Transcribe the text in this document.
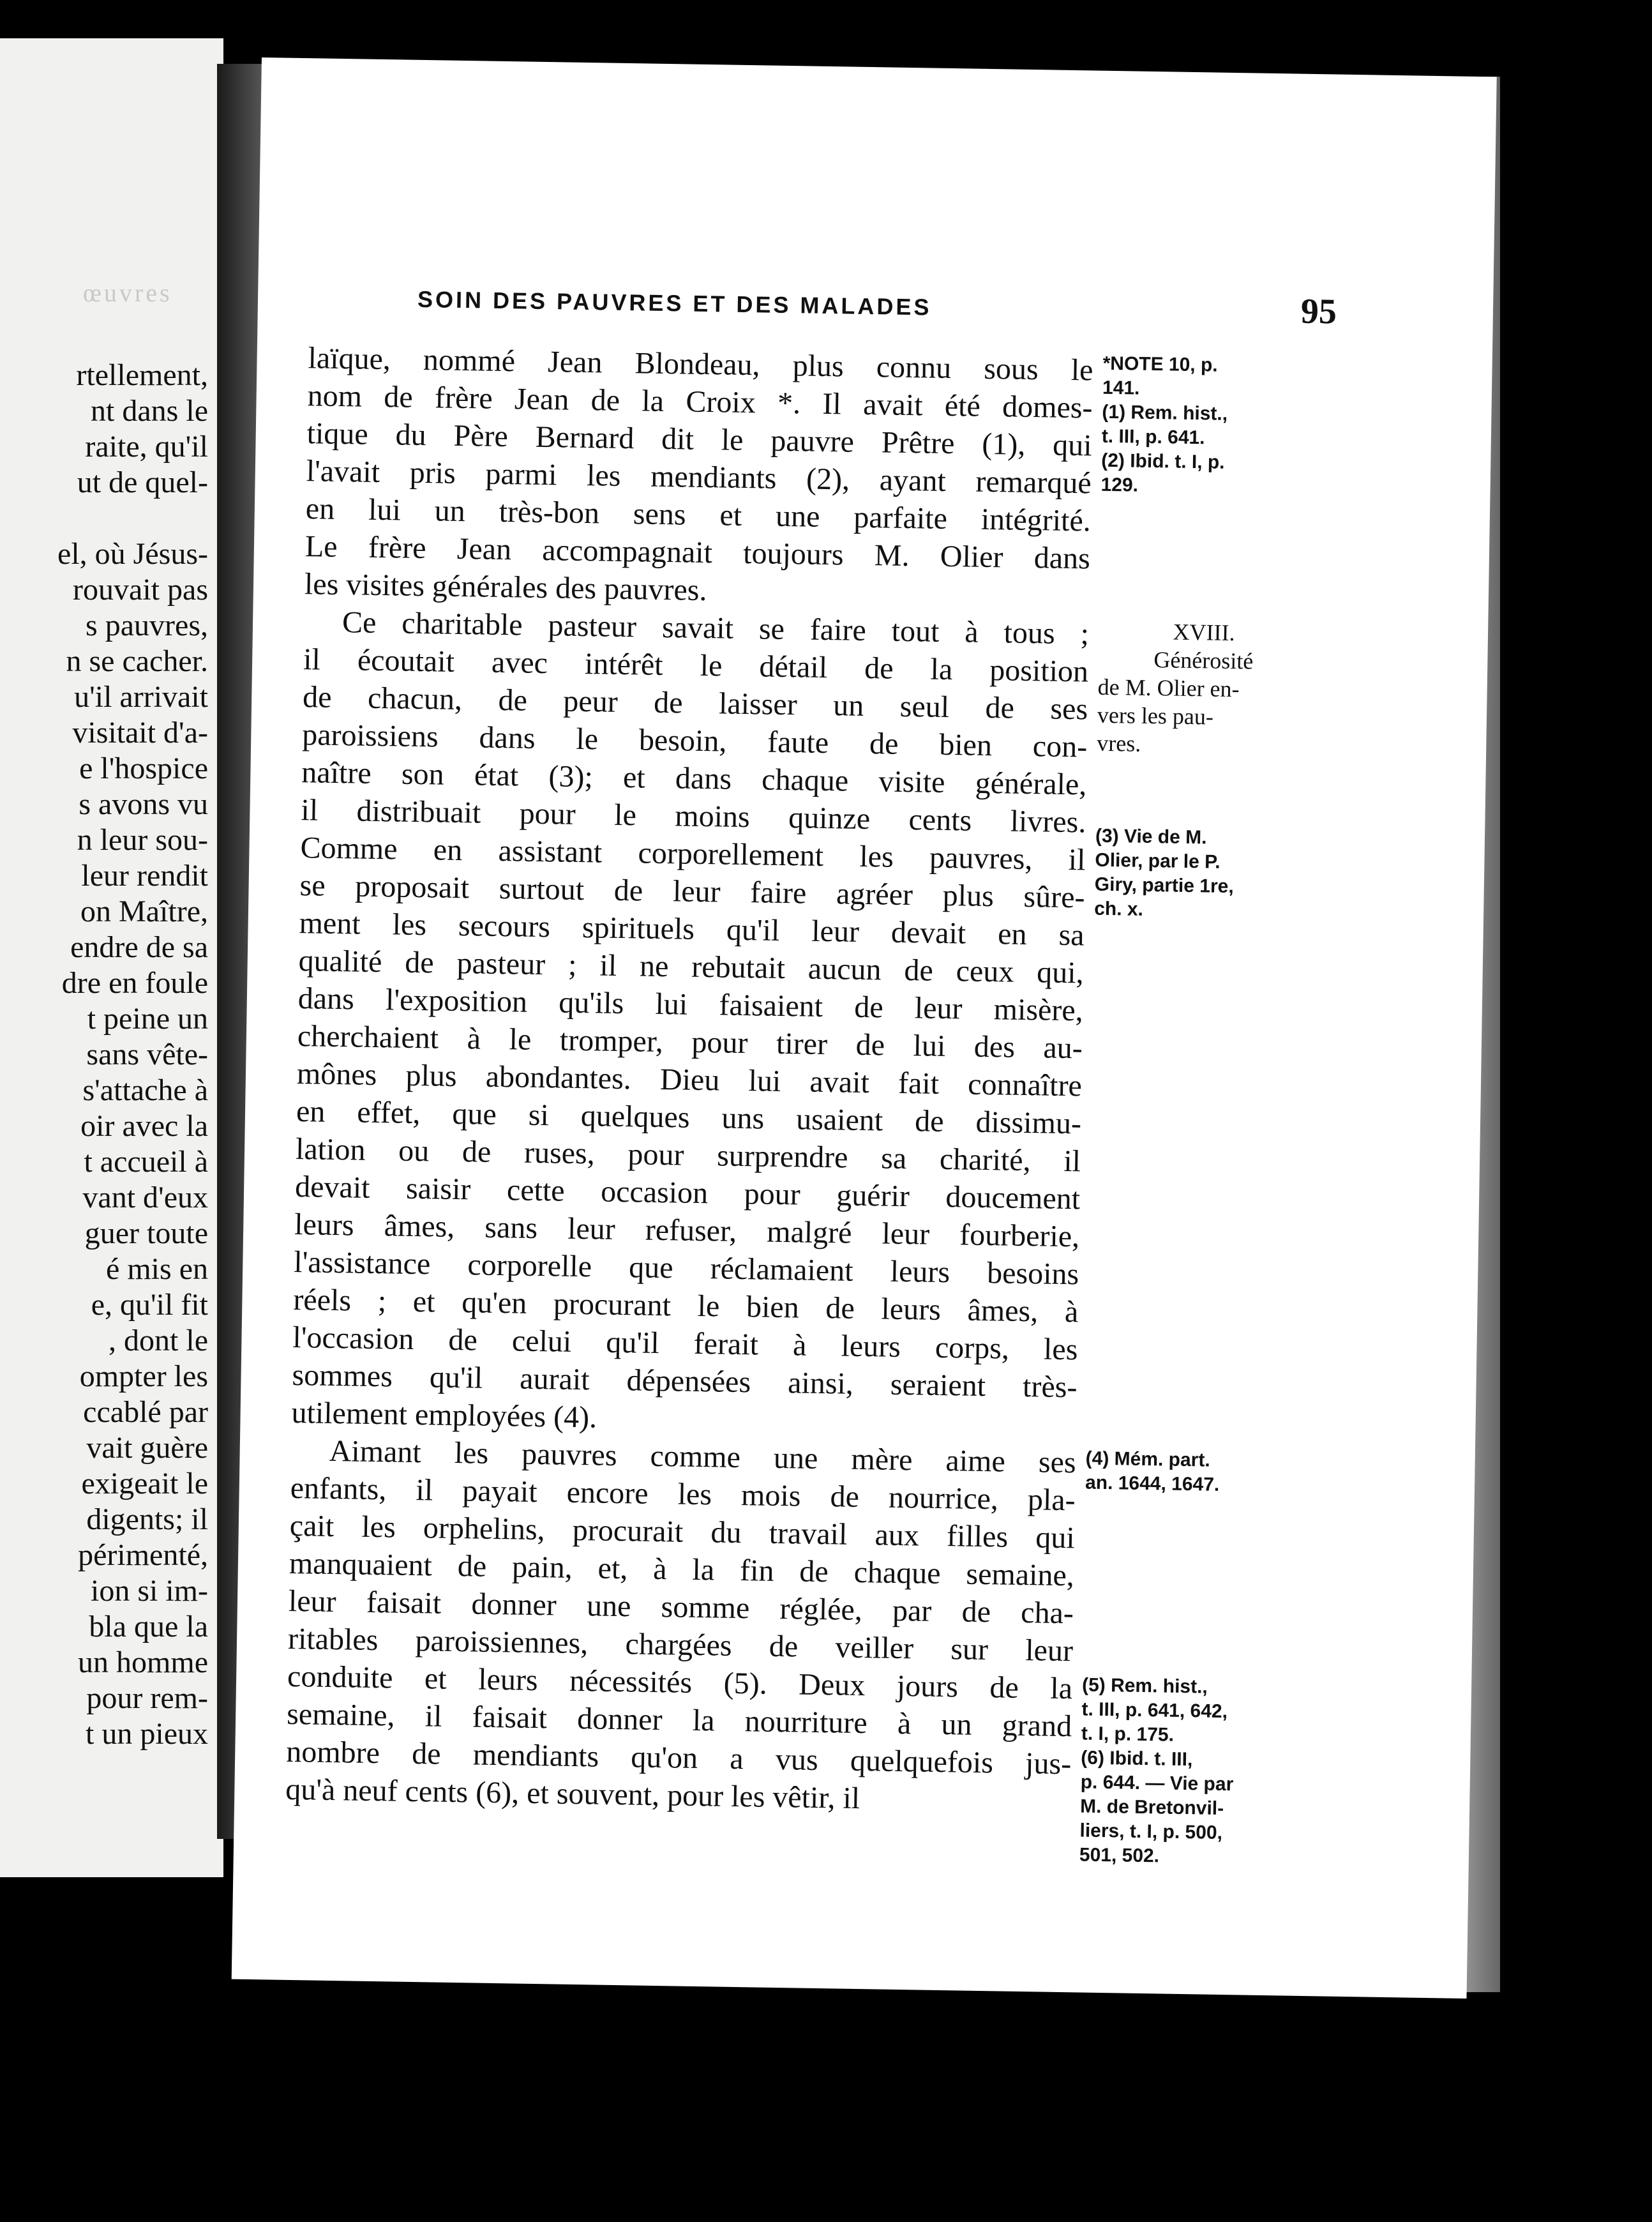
œuvres
rtellement,
nt dans le
raite, qu'il
ut de quel-
el, où Jésus-
rouvait pas
s pauvres,
n se cacher.
u'il arrivait
visitait d'a-
e l'hospice
s avons vu
n leur sou-
leur rendit
on Maître,
endre de sa
dre en foule
t peine un
sans vête-
s'attache à
oir avec la
t accueil à
vant d'eux
guer toute
é mis en
e, qu'il fit
, dont le
ompter les
ccablé par
vait guère
exigeait le
digents; il
périmenté,
ion si im-
bla que la
un homme
pour rem-
t un pieux
SOIN DES PAUVRES ET DES MALADES	95
laïque, nommé Jean Blondeau, plus connu sous le
nom de frère Jean de la Croix *. Il avait été domes-
tique du Père Bernard dit le pauvre Prêtre (1), qui
l'avait pris parmi les mendiants (2), ayant remarqué
en lui un très-bon sens et une parfaite intégrité.
Le frère Jean accompagnait toujours M. Olier dans
les visites générales des pauvres.
Ce charitable pasteur savait se faire tout à tous ;
il écoutait avec intérêt le détail de la position
de chacun, de peur de laisser un seul de ses
paroissiens dans le besoin, faute de bien con-
naître son état (3); et dans chaque visite générale,
il distribuait pour le moins quinze cents livres.
Comme en assistant corporellement les pauvres, il
se proposait surtout de leur faire agréer plus sûre-
ment les secours spirituels qu'il leur devait en sa
qualité de pasteur ; il ne rebutait aucun de ceux qui,
dans l'exposition qu'ils lui faisaient de leur misère,
cherchaient à le tromper, pour tirer de lui des au-
mônes plus abondantes. Dieu lui avait fait connaître
en effet, que si quelques uns usaient de dissimu-
lation ou de ruses, pour surprendre sa charité, il
devait saisir cette occasion pour guérir doucement
leurs âmes, sans leur refuser, malgré leur fourberie,
l'assistance corporelle que réclamaient leurs besoins
réels ; et qu'en procurant le bien de leurs âmes, à
l'occasion de celui qu'il ferait à leurs corps, les
sommes qu'il aurait dépensées ainsi, seraient très-
utilement employées (4).
Aimant les pauvres comme une mère aime ses
enfants, il payait encore les mois de nourrice, pla-
çait les orphelins, procurait du travail aux filles qui
manquaient de pain, et, à la fin de chaque semaine,
leur faisait donner une somme réglée, par de cha-
ritables paroissiennes, chargées de veiller sur leur
conduite et leurs nécessités (5). Deux jours de la
semaine, il faisait donner la nourriture à un grand
nombre de mendiants qu'on a vus quelquefois jus-
qu'à neuf cents (6), et souvent, pour les vêtir, il
*NOTE 10, p.
141.
(1) Rem. hist.,
t. III, p. 641.
(2) Ibid. t. I, p.
129.
XVIII.
Générosité
de M. Olier en-
vers les pau-
vres.
(3) Vie de M.
Olier, par le P.
Giry, partie 1re,
ch. x.
(4) Mém. part.
an. 1644, 1647.
(5) Rem. hist.,
t. III, p. 641, 642,
t. I, p. 175.
(6) Ibid. t. III,
p. 644. — Vie par
M. de Bretonvil-
liers, t. I, p. 500,
501, 502.
